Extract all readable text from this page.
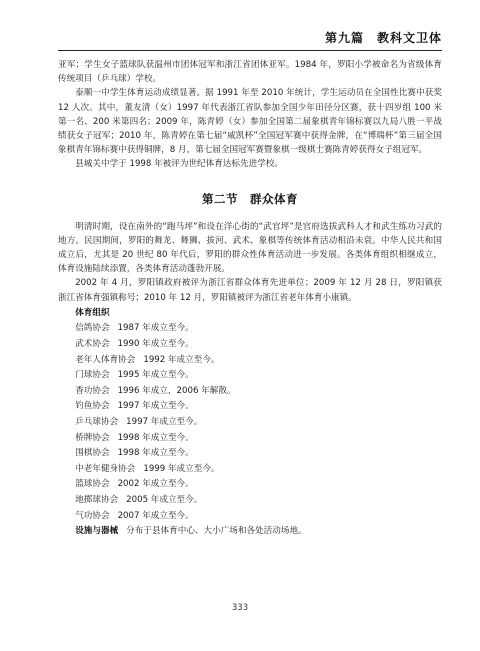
第九篇　教科文卫体

亚军；学生女子篮球队获温州市团体冠军和浙江省团体亚军。1984 年，罗阳小学被命名为省级体育传统项目（乒乓球）学校。

泰顺一中学生体育运动成绩显著。据 1991 年至 2010 年统计，学生运动员在全国性比赛中获奖 12 人次。其中，董友清（女）1997 年代表浙江省队参加全国少年田径分区赛，获十四岁组 100 米第一名、200 米第四名；2009 年，陈青婷（女）参加全国第二届象棋青年锦标赛以九局八胜一平战绩获女子冠军；2010 年，陈青婷在第七届“威凯杯”全国冠军赛中获得金牌，在“博瑞杯”第三届全国象棋青年锦标赛中获得铜牌，8 月，第七届全国冠军赛暨象棋一级棋士赛陈青婷获得女子组冠军。

县城关中学于 1998 年被评为世纪体育达标先进学校。

第二节　群众体育

明清时期，设在南外的“跑马坪”和设在洋心街的“武官坪”是官府选拔武科人才和武生练功习武的地方。民国期间，罗阳的舞龙、舞狮、拔河、武术、象棋等传统体育活动相沿未衰。中华人民共和国成立后，尤其是 20 世纪 80 年代后，罗阳的群众性体育活动进一步发展。各类体育组织相继成立，体育设施陆续添置，各类体育活动蓬勃开展。

2002 年 4 月，罗阳镇政府被评为浙江省群众体育先进单位；2009 年 12 月 28 日，罗阳镇获浙江省体育强镇称号；2010 年 12 月，罗阳镇被评为浙江省老年体育小康镇。

体育组织
信鸽协会 1987 年成立至今。
武术协会 1990 年成立至今。
老年人体育协会 1992 年成立至今。
门球协会 1995 年成立至今。
香功协会 1996 年成立，2006 年解散。
钓鱼协会 1997 年成立至今。
乒乓球协会 1997 年成立至今。
桥牌协会 1998 年成立至今。
围棋协会 1998 年成立至今。
中老年健身协会 1999 年成立至今。
篮球协会 2002 年成立至今。
地掷球协会 2005 年成立至今。
气功协会 2007 年成立至今。
设施与器械 分布于县体育中心、大小广场和各处活动场地。
333
